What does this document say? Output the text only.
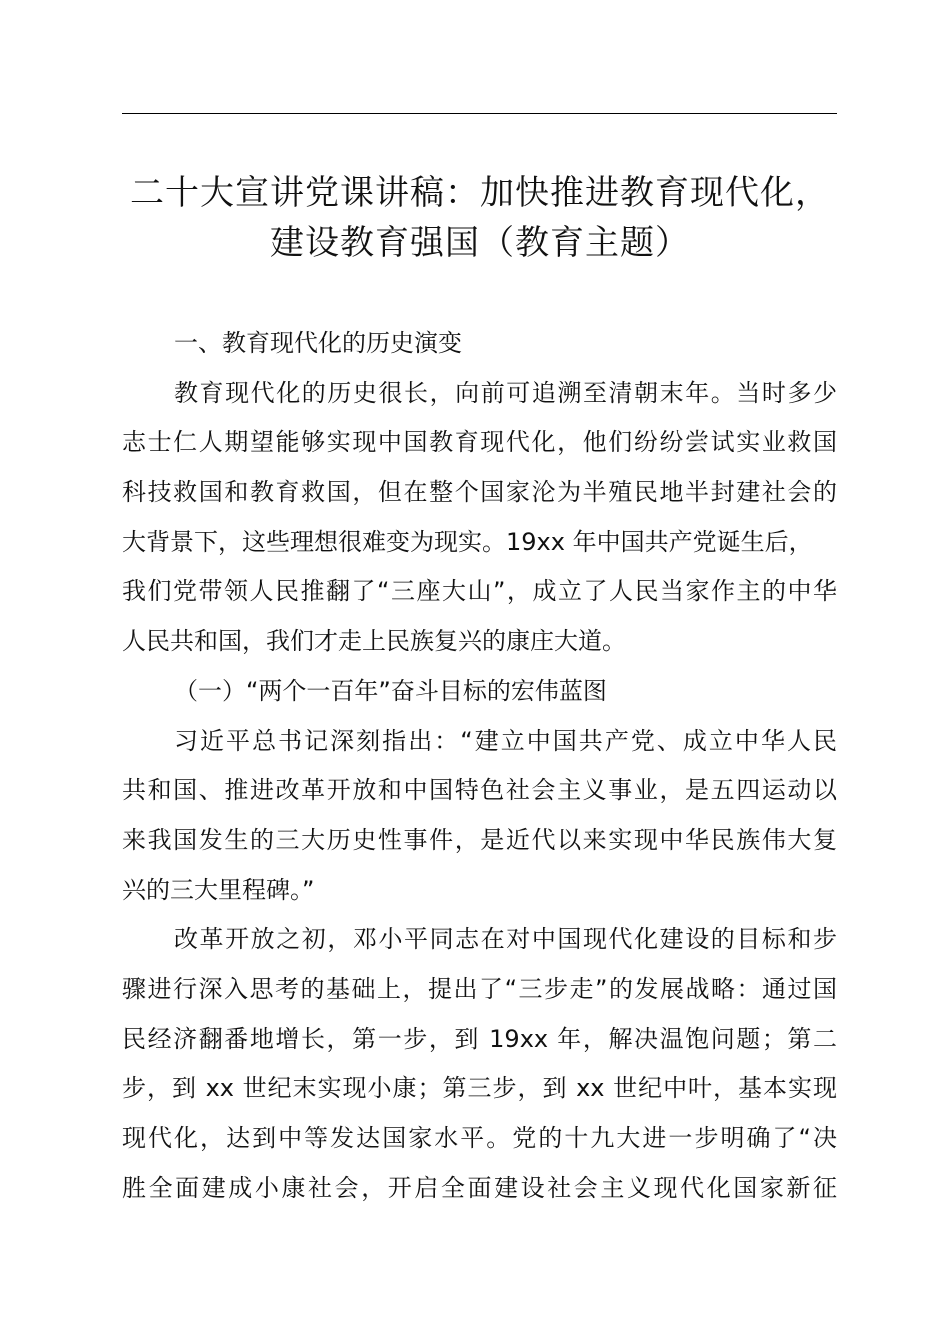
二十大宣讲党课讲稿：加快推进教育现代化，
建设教育强国（教育主题）
一、教育现代化的历史演变
教育现代化的历史很长，向前可追溯至清朝末年。当时多少
志士仁人期望能够实现中国教育现代化，他们纷纷尝试实业救国
科技救国和教育救国，但在整个国家沦为半殖民地半封建社会的
大背景下，这些理想很难变为现实。19xx 年中国共产党诞生后，
我们党带领人民推翻了“三座大山”，成立了人民当家作主的中华
人民共和国，我们才走上民族复兴的康庄大道。
（一）“两个一百年”奋斗目标的宏伟蓝图
习近平总书记深刻指出：“建立中国共产党、成立中华人民
共和国、推进改革开放和中国特色社会主义事业，是五四运动以
来我国发生的三大历史性事件，是近代以来实现中华民族伟大复
兴的三大里程碑。”
改革开放之初，邓小平同志在对中国现代化建设的目标和步
骤进行深入思考的基础上，提出了“三步走”的发展战略：通过国
民经济翻番地增长，第一步，到 19xx 年，解决温饱问题；第二
步，到 xx 世纪末实现小康；第三步，到 xx 世纪中叶，基本实现
现代化，达到中等发达国家水平。党的十九大进一步明确了“决
胜全面建成小康社会，开启全面建设社会主义现代化国家新征
